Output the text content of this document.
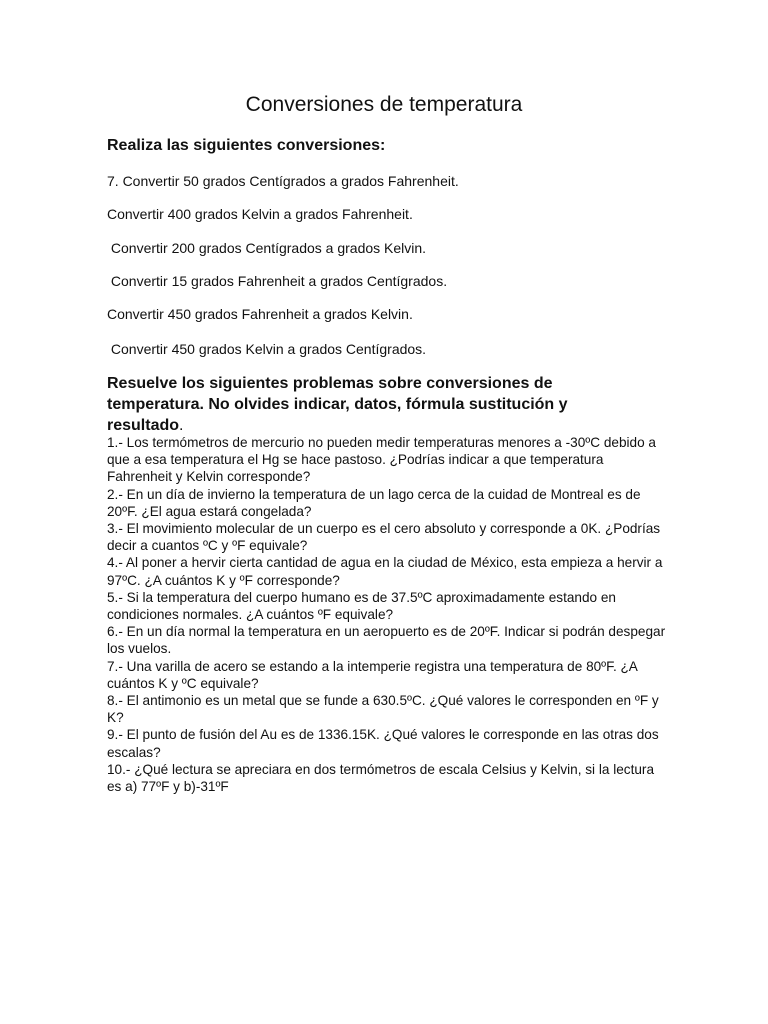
Conversiones de temperatura

Realiza las siguientes conversiones:

7. Convertir 50 grados Centígrados a grados Fahrenheit.

Convertir 400 grados Kelvin a grados Fahrenheit.

Convertir 200 grados Centígrados a grados Kelvin.

Convertir 15 grados Fahrenheit a grados Centígrados.

Convertir 450 grados Fahrenheit a grados Kelvin.

Convertir 450 grados Kelvin a grados Centígrados.

Resuelve los siguientes problemas sobre conversiones de temperatura. No olvides indicar, datos, fórmula sustitución y resultado.

1.- Los termómetros de mercurio no pueden medir temperaturas menores a -30ºC debido a que a esa temperatura el Hg se hace pastoso. ¿Podrías indicar a que temperatura Fahrenheit y Kelvin corresponde?
2.- En un día de invierno la temperatura de un lago cerca de la cuidad de Montreal es de 20ºF. ¿El agua estará congelada?
3.- El movimiento molecular de un cuerpo es el cero absoluto y corresponde a 0K. ¿Podrías decir a cuantos ºC y ºF equivale?
4.- Al poner a hervir cierta cantidad de agua en la ciudad de México, esta empieza a hervir a 97ºC. ¿A cuántos K y ºF corresponde?
5.- Si la temperatura del cuerpo humano es de 37.5ºC aproximadamente estando en condiciones normales. ¿A cuántos ºF equivale?
6.- En un día normal la temperatura en un aeropuerto es de 20ºF. Indicar si podrán despegar los vuelos.
7.- Una varilla de acero se estando a la intemperie registra una temperatura de 80ºF. ¿A cuántos K y ºC equivale?
8.- El antimonio es un metal que se funde a 630.5ºC. ¿Qué valores le corresponden en ºF y K?
9.- El punto de fusión del Au es de 1336.15K. ¿Qué valores le corresponde en las otras dos escalas?
10.- ¿Qué lectura se apreciara en dos termómetros de escala Celsius y Kelvin, si la lectura es a) 77ºF y b)-31ºF
